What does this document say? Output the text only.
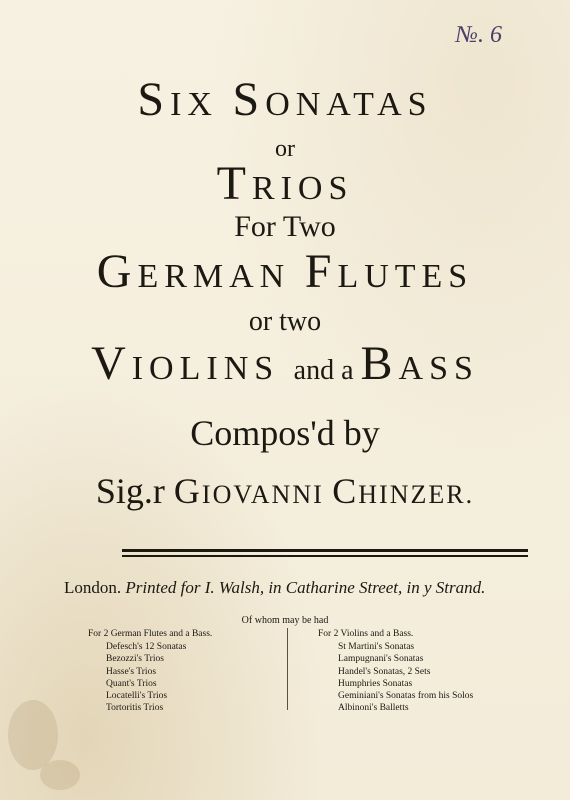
№. 6
SIX SONATAS
or
TRIOS
For Two
GERMAN FLUTES
or two
VIOLINS and a BASS
Compos'd by
Sig.r GIOVANNI CHINZER.
London. Printed for I. Walsh, in Catharine Street, in y Strand.
Of whom may be had
For 2 German Flutes and a Bass.
Defesch's 12 Sonatas
Bezozzi's Trios
Hasse's Trios
Quant's Trios
Locatelli's Trios
Tortoritis Trios
For 2 Violins and a Bass.
St Martini's Sonatas
Lampugnani's Sonatas
Handel's Sonatas, 2 Sets
Humphries Sonatas
Geminiani's Sonatas from his Solos
Albinoni's Balletts
